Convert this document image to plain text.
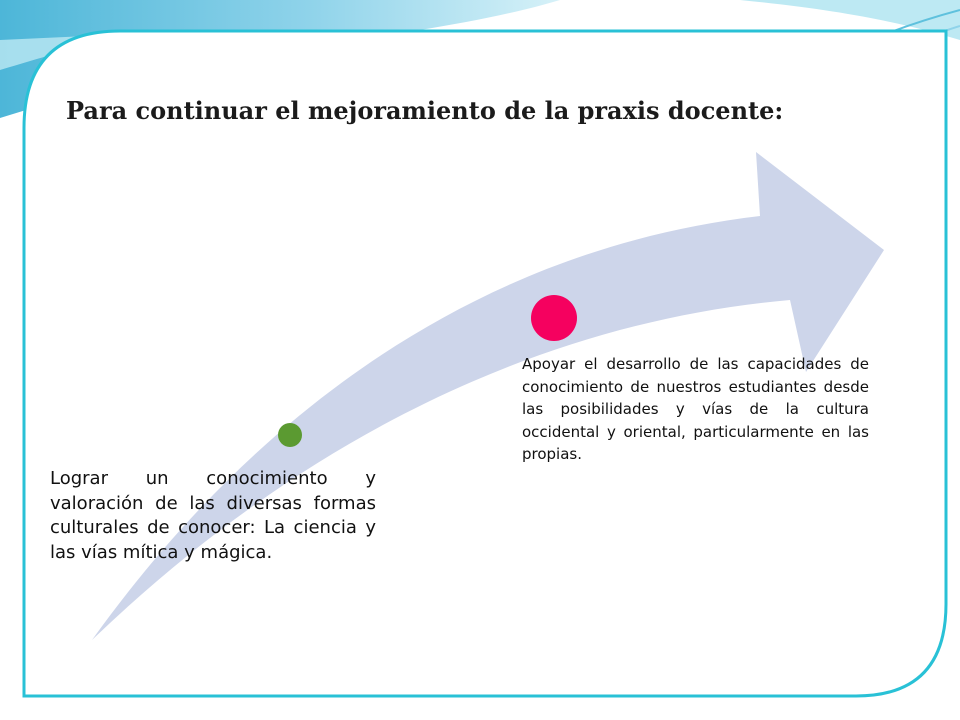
Para continuar el mejoramiento de la praxis docente:

Lograr un conocimiento y valoración de las diversas formas culturales de conocer: La ciencia y las vías mítica y mágica.

Apoyar el desarrollo de las capacidades de conocimiento de nuestros estudiantes desde las posibilidades y vías de la cultura occidental y oriental, particularmente en las propias.
